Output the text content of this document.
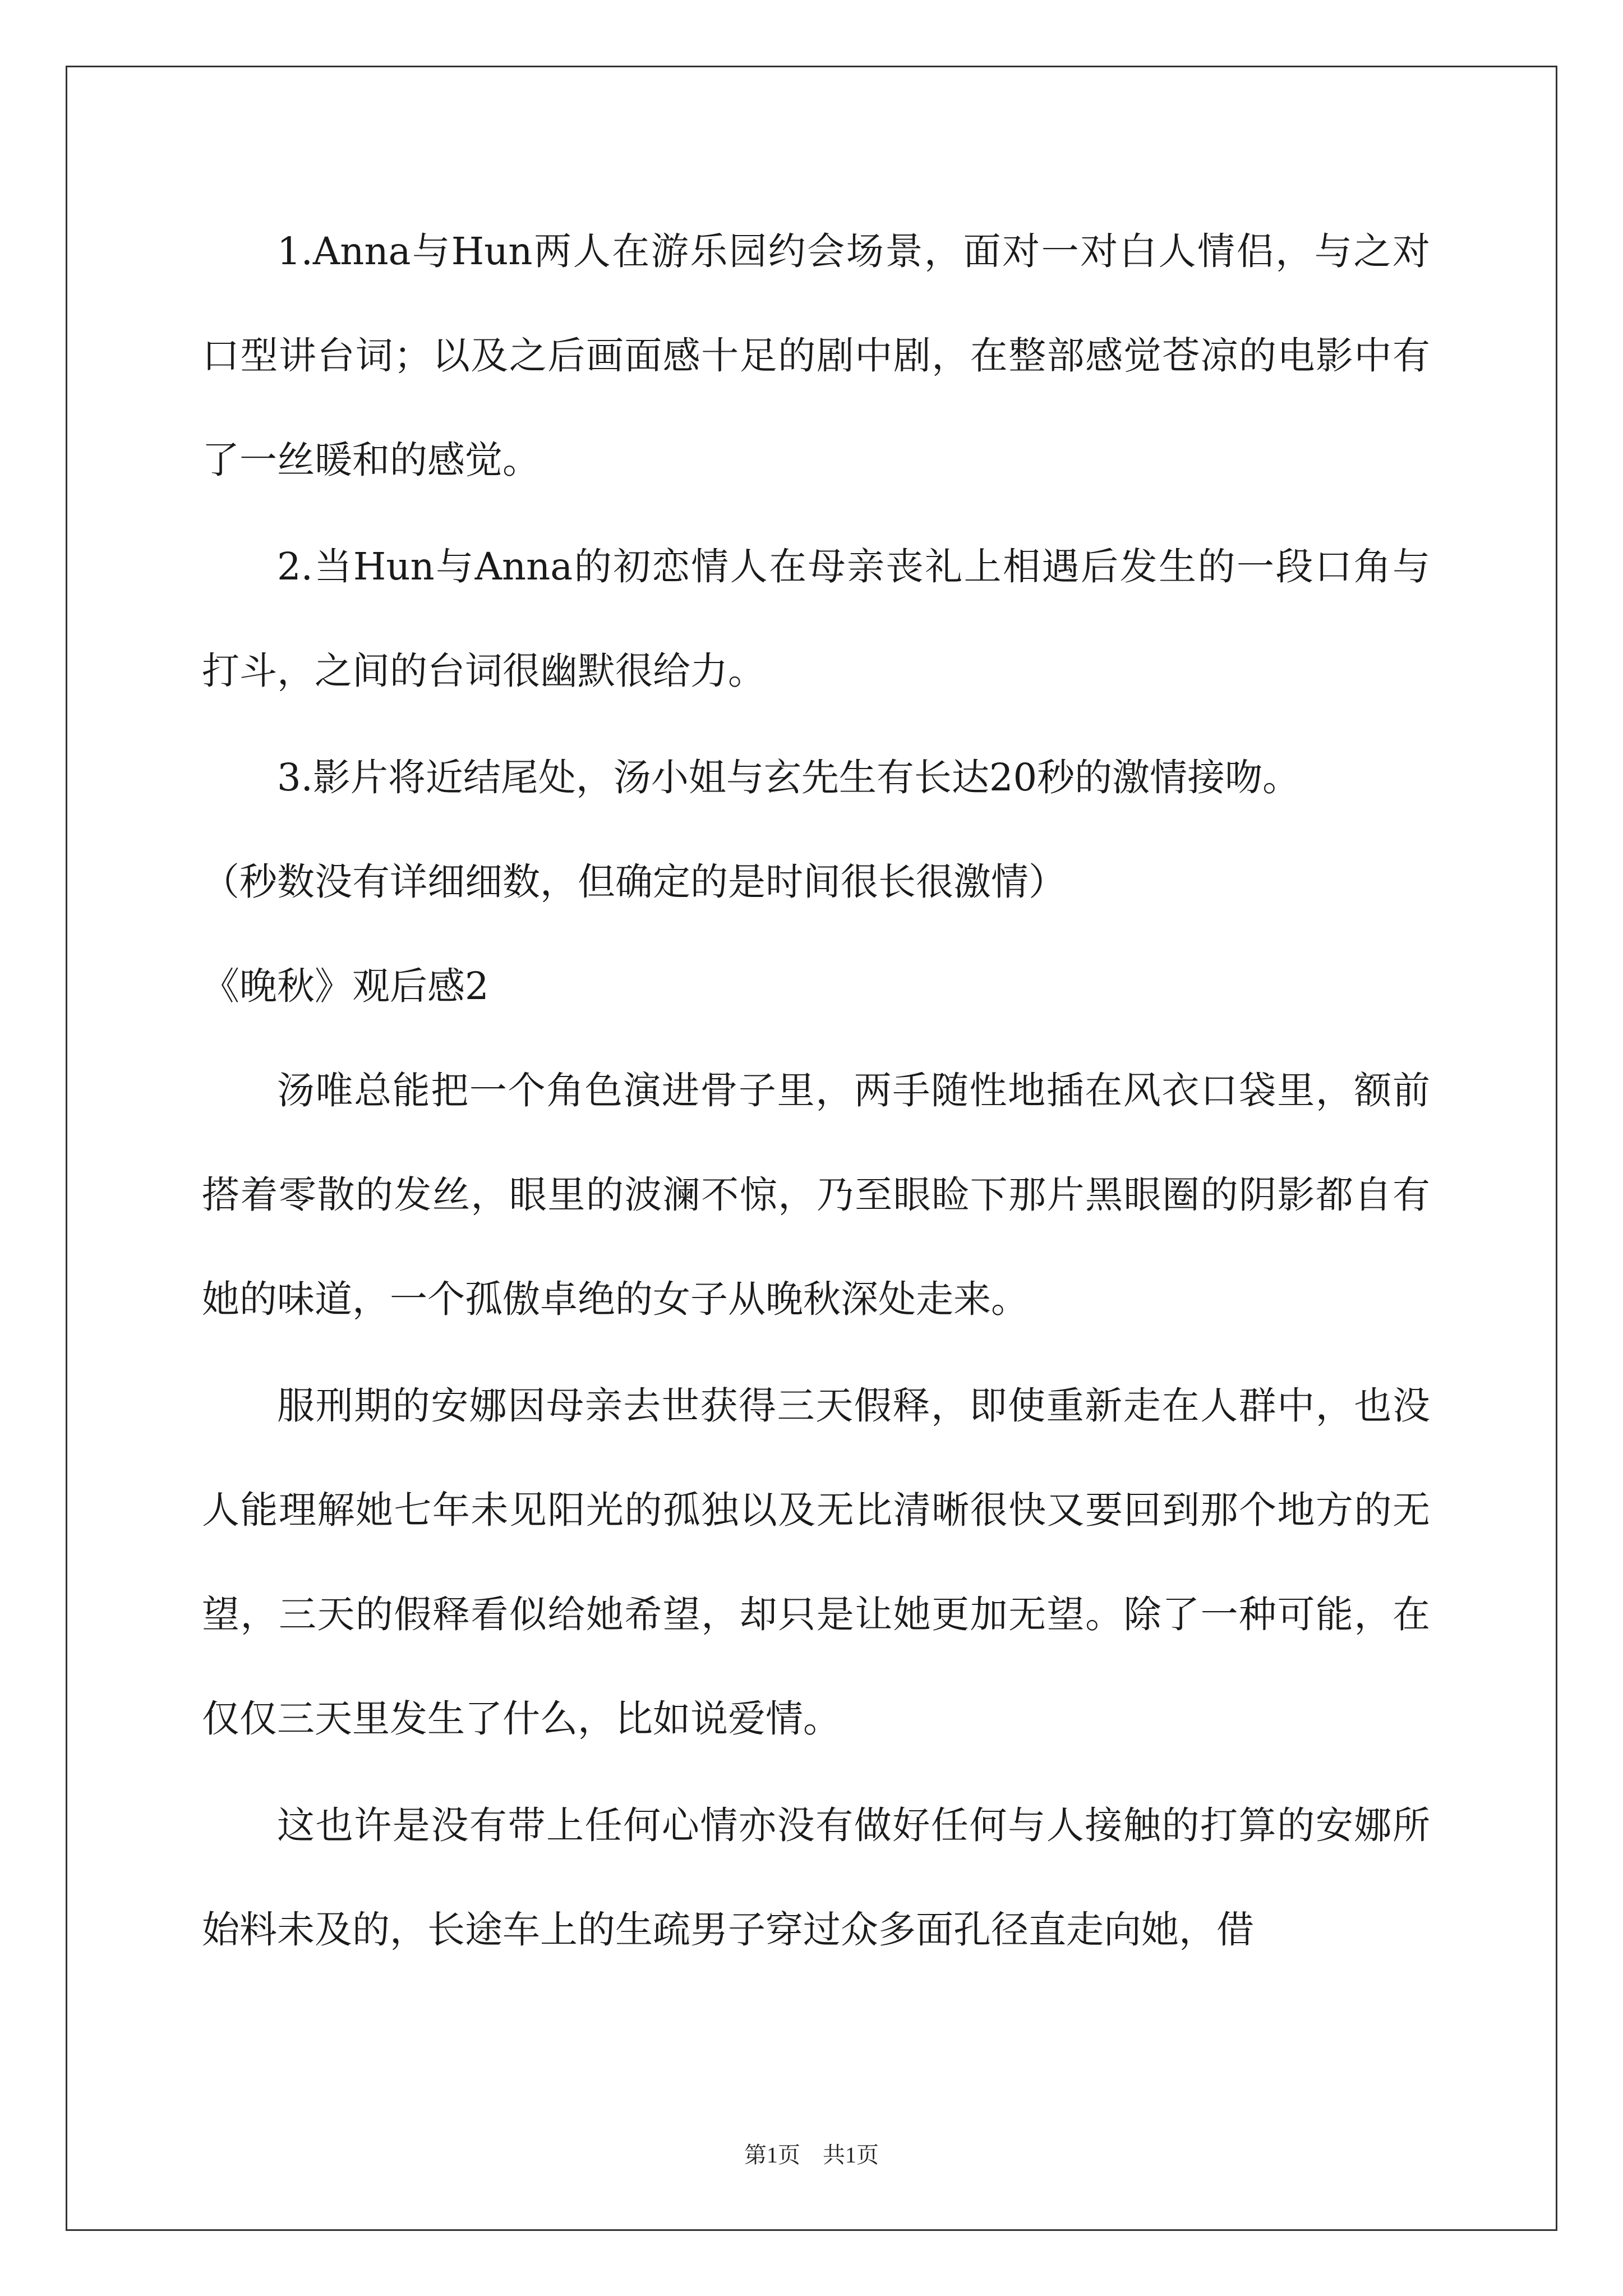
1.Anna与Hun两人在游乐园约会场景，面对一对白人情侣，与之对口型讲台词；以及之后画面感十足的剧中剧，在整部感觉苍凉的电影中有了一丝暖和的感觉。

2.当Hun与Anna的初恋情人在母亲丧礼上相遇后发生的一段口角与打斗，之间的台词很幽默很给力。

3.影片将近结尾处，汤小姐与玄先生有长达20秒的激情接吻。

（秒数没有详细细数，但确定的是时间很长很激情）

《晚秋》观后感2

汤唯总能把一个角色演进骨子里，两手随性地插在风衣口袋里，额前搭着零散的发丝，眼里的波澜不惊，乃至眼睑下那片黑眼圈的阴影都自有她的味道，一个孤傲卓绝的女子从晚秋深处走来。

服刑期的安娜因母亲去世获得三天假释，即使重新走在人群中，也没人能理解她七年未见阳光的孤独以及无比清晰很快又要回到那个地方的无望，三天的假释看似给她希望，却只是让她更加无望。除了一种可能，在仅仅三天里发生了什么，比如说爱情。

这也许是没有带上任何心情亦没有做好任何与人接触的打算的安娜所始料未及的，长途车上的生疏男子穿过众多面孔径直走向她，借

第1页 共1页
